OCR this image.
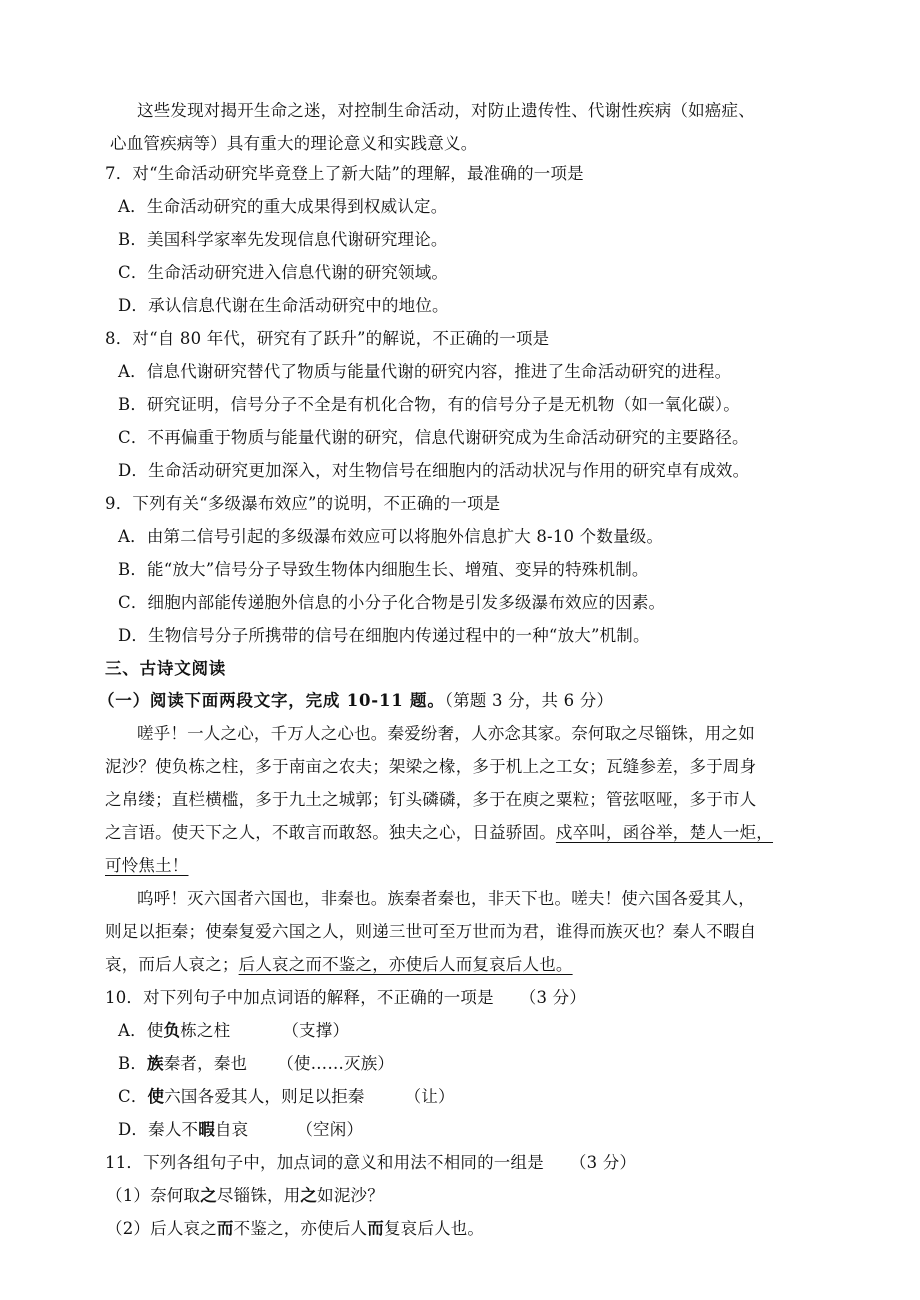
这些发现对揭开生命之迷，对控制生命活动，对防止遗传性、代谢性疾病（如癌症、
心血管疾病等）具有重大的理论意义和实践意义。
7．对“生命活动研究毕竟登上了新大陆”的理解，最准确的一项是
A．生命活动研究的重大成果得到权威认定。
B．美国科学家率先发现信息代谢研究理论。
C．生命活动研究进入信息代谢的研究领域。
D．承认信息代谢在生命活动研究中的地位。
8．对“自 80 年代，研究有了跃升”的解说，不正确的一项是
A．信息代谢研究替代了物质与能量代谢的研究内容，推进了生命活动研究的进程。
B．研究证明，信号分子不全是有机化合物，有的信号分子是无机物（如一氧化碳）。
C．不再偏重于物质与能量代谢的研究，信息代谢研究成为生命活动研究的主要路径。
D．生命活动研究更加深入，对生物信号在细胞内的活动状况与作用的研究卓有成效。
9．下列有关“多级瀑布效应”的说明，不正确的一项是
A．由第二信号引起的多级瀑布效应可以将胞外信息扩大 8-10 个数量级。
B．能“放大”信号分子导致生物体内细胞生长、增殖、变异的特殊机制。
C．细胞内部能传递胞外信息的小分子化合物是引发多级瀑布效应的因素。
D．生物信号分子所携带的信号在细胞内传递过程中的一种“放大”机制。
三、古诗文阅读
（一）阅读下面两段文字，完成 10-11 题。（第题 3 分，共 6 分）
嗟乎！一人之心，千万人之心也。秦爱纷奢，人亦念其家。奈何取之尽锱铢，用之如
泥沙？使负栋之柱，多于南亩之农夫；架梁之椽，多于机上之工女；瓦缝参差，多于周身
之帛缕；直栏横槛，多于九土之城郭；钉头磷磷，多于在庾之粟粒；管弦呕哑，多于市人
之言语。使天下之人，不敢言而敢怒。独夫之心，日益骄固。戍卒叫，函谷举，楚人一炬，
可怜焦土！
呜呼！灭六国者六国也，非秦也。族秦者秦也，非天下也。嗟夫！使六国各爱其人，
则足以拒秦；使秦复爱六国之人，则递三世可至万世而为君，谁得而族灭也？秦人不暇自
哀，而后人哀之；后人哀之而不鉴之，亦使后人而复哀后人也。
10．对下列句子中加点词语的解释，不正确的一项是 （3 分）
A．使负栋之柱	（支撑）
B．族秦者，秦也 （使……灭族）
C．使六国各爱其人，则足以拒秦 （让）
D．秦人不暇自哀	（空闲）
11．下列各组句子中，加点词的意义和用法不相同的一组是 （3 分）
（1）奈何取之尽锱铢，用之如泥沙？
（2）后人哀之而不鉴之，亦使后人而复哀后人也。
